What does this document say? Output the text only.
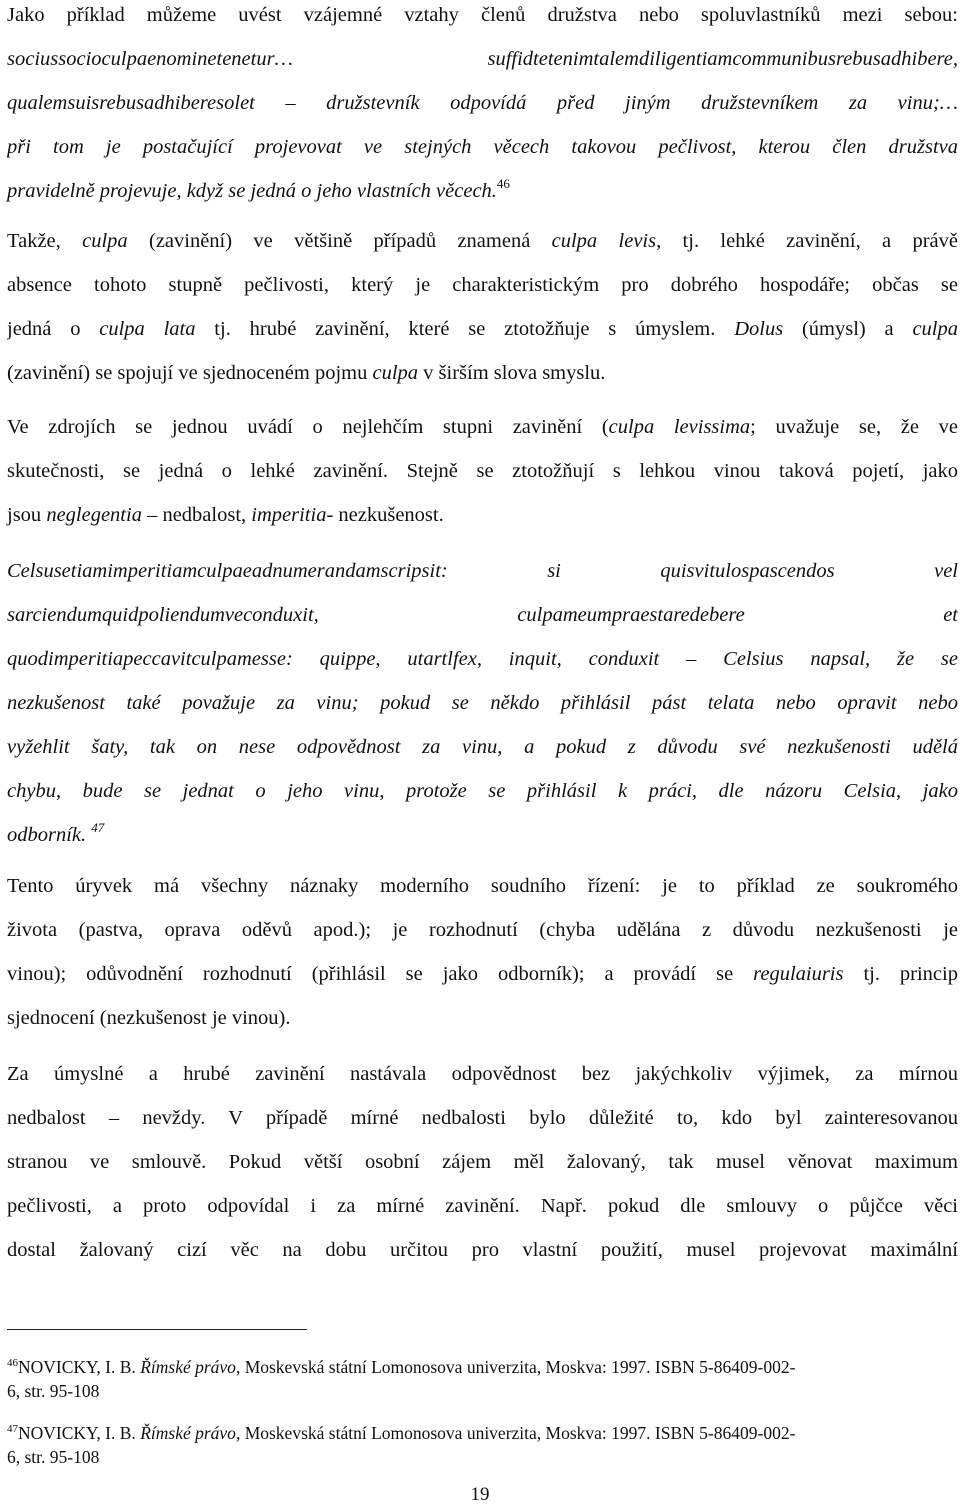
Jako příklad můžeme uvést vzájemné vztahy členů družstva nebo spoluvlastníků mezi sebou:
sociussocioculpaenominetenetur… suffidtetenimtalemdiligentiamcommunibusrebusadhibere,
qualemsuisrebusadhiberesolet – družstevník odpovídá před jiným družstevníkem za vinu;…
při tom je postačující projevovat ve stejných věcech takovou pečlivost, kterou člen družstva
pravidelně projevuje, když se jedná o jeho vlastních věcech.$^{46}$
Takže, culpa (zavinění) ve většině případů znamená culpa levis, tj. lehké zavinění, a právě
absence tohoto stupně pečlivosti, který je charakteristickým pro dobrého hospodáře; občas se
jedná o culpa lata tj. hrubé zavinění, které se ztotožňuje s úmyslem. Dolus (úmysl) a culpa
(zavinění) se spojují ve sjednoceném pojmu culpa v širším slova smyslu.
Ve zdrojích se jednou uvádí o nejlehčím stupni zavinění (culpa levissima; uvažuje se, že ve
skutečnosti, se jedná o lehké zavinění. Stejně se ztotožňují s lehkou vinou taková pojetí, jako
jsou neglegentia – nedbalost, imperitia- nezkušenost.
Celsusetiamimperitiamculpaeadnumerandamscripsit: si quisvitulospascendos vel
sarciendumquidpoliendumveconduxit, culpameumpraestaredebere et
quodimperitiapeccavitculpamesse: quippe, utartlfex, inquit, conduxit – Celsius napsal, že se
nezkušenost také považuje za vinu; pokud se někdo přihlásil pást telata nebo opravit nebo
vyžehlit šaty, tak on nese odpovědnost za vinu, a pokud z důvodu své nezkušenosti udělá
chybu, bude se jednat o jeho vinu, protože se přihlásil k práci, dle názoru Celsia, jako
odborník. $^{47}$
Tento úryvek má všechny náznaky moderního soudního řízení: je to příklad ze soukromého
života (pastva, oprava oděvů apod.); je rozhodnutí (chyba udělána z důvodu nezkušenosti je
vinou); odůvodnění rozhodnutí (přihlásil se jako odborník); a provádí se regulaiuris tj. princip
sjednocení (nezkušenost je vinou).
Za úmyslné a hrubé zavinění nastávala odpovědnost bez jakýchkoliv výjimek, za mírnou
nedbalost – nevždy. V případě mírné nedbalosti bylo důležité to, kdo byl zainteresovanou
stranou ve smlouvě. Pokud větší osobní zájem měl žalovaný, tak musel věnovat maximum
pečlivosti, a proto odpovídal i za mírné zavinění. Např. pokud dle smlouvy o půjčce věci
dostal žalovaný cizí věc na dobu určitou pro vlastní použití, musel projevovat maximální
$^{46}$NOVICKY, I. B. Římské právo, Moskevská státní Lomonosova univerzita, Moskva: 1997. ISBN 5-86409-002-
6, str. 95-108
$^{47}$NOVICKY, I. B. Římské právo, Moskevská státní Lomonosova univerzita, Moskva: 1997. ISBN 5-86409-002-
6, str. 95-108
19
